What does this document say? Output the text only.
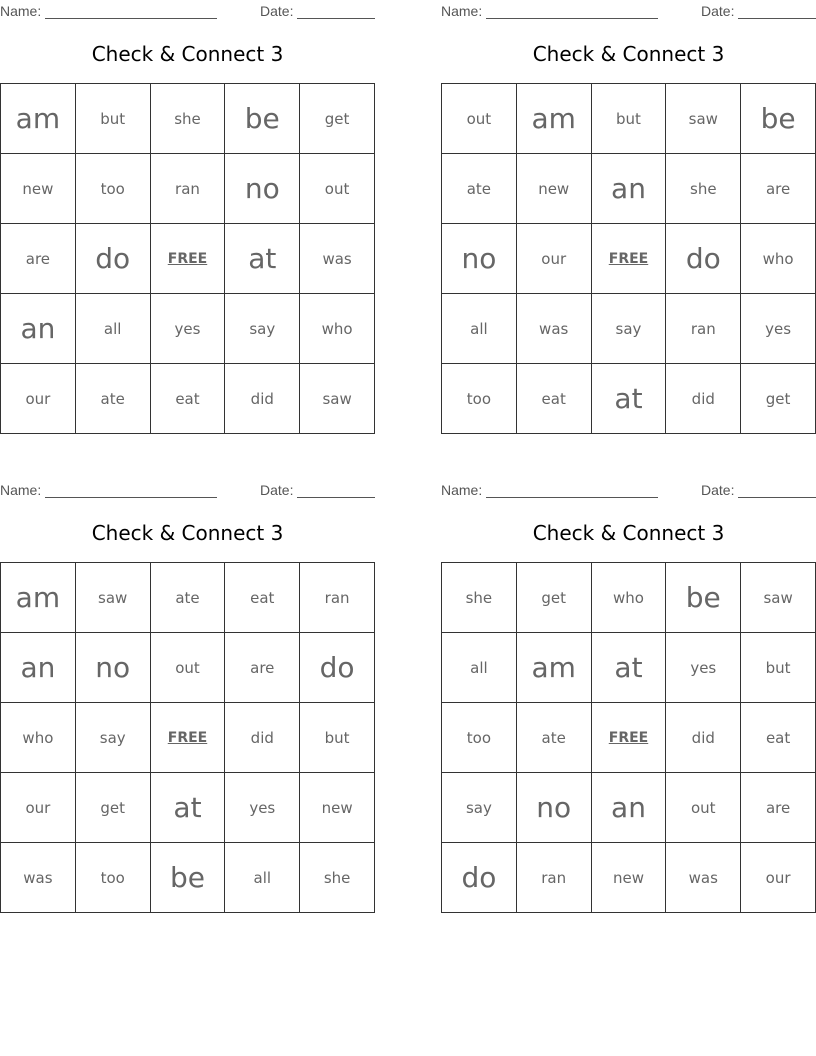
Name:	Date:
Check & Connect 3
am	but	she	be	get
new	too	ran	no	out
are	do	FREE	at	was
an	all	yes	say	who
our	ate	eat	did	saw
Name:	Date:
Check & Connect 3
out	am	but	saw	be
ate	new	an	she	are
no	our	FREE	do	who
all	was	say	ran	yes
too	eat	at	did	get
Name:	Date:
Check & Connect 3
am	saw	ate	eat	ran
an	no	out	are	do
who	say	FREE	did	but
our	get	at	yes	new
was	too	be	all	she
Name:	Date:
Check & Connect 3
she	get	who	be	saw
all	am	at	yes	but
too	ate	FREE	did	eat
say	no	an	out	are
do	ran	new	was	our
